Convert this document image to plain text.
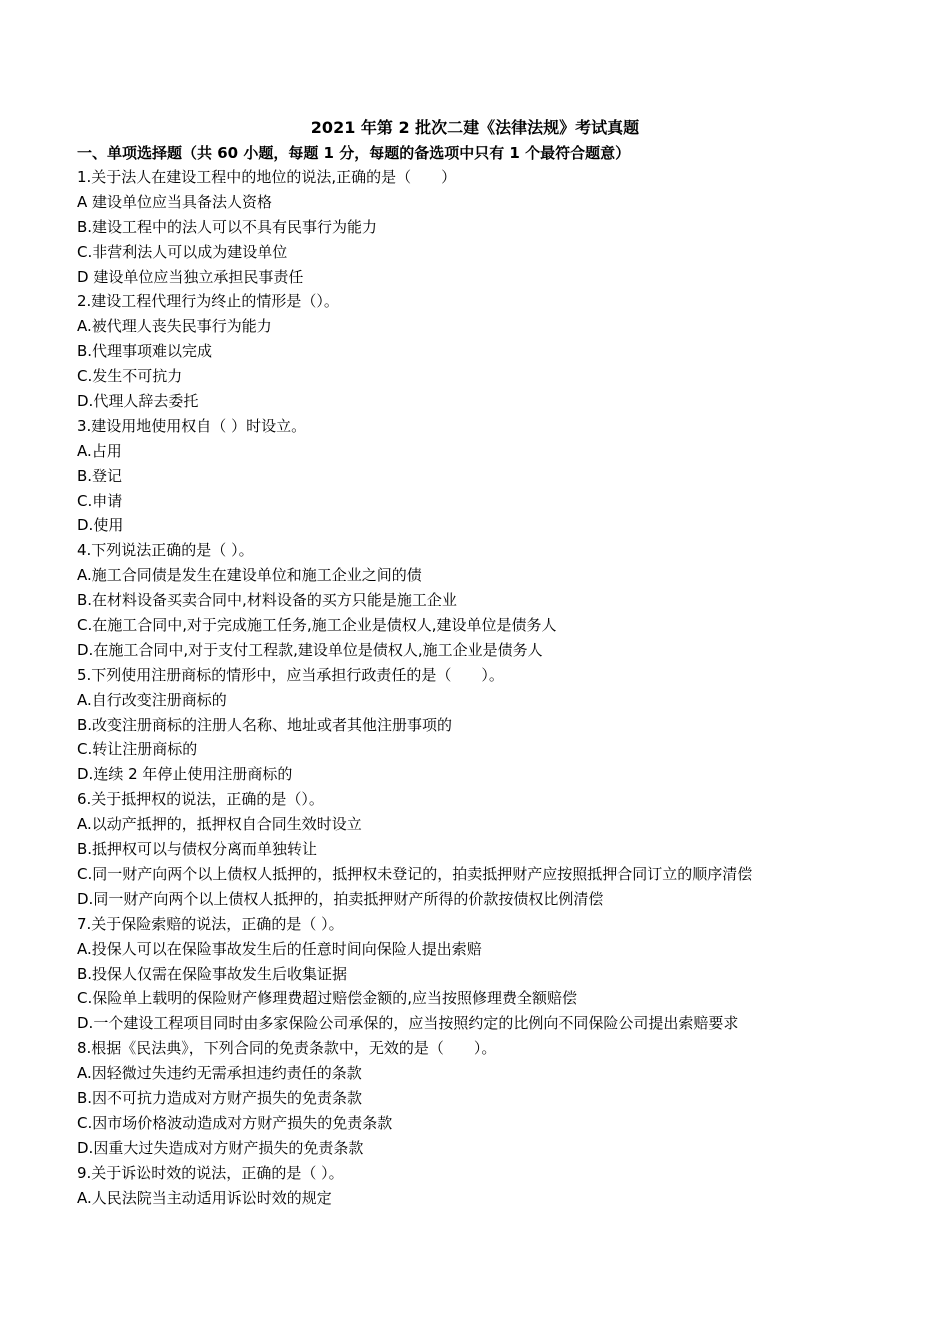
2021 年第 2 批次二建《法律法规》考试真题
一、单项选择题（共 60 小题，每题 1 分，每题的备选项中只有 1 个最符合题意）
1.关于法人在建设工程中的地位的说法,正确的是（　　）
A 建设单位应当具备法人资格
B.建设工程中的法人可以不具有民事行为能力
C.非营利法人可以成为建设单位
D 建设单位应当独立承担民事责任
2.建设工程代理行为终止的情形是（）。
A.被代理人丧失民事行为能力
B.代理事项难以完成
C.发生不可抗力
D.代理人辞去委托
3.建设用地使用权自（ ）时设立。
A.占用
B.登记
C.申请
D.使用
4.下列说法正确的是（ ）。
A.施工合同债是发生在建设单位和施工企业之间的债
B.在材料设备买卖合同中,材料设备的买方只能是施工企业
C.在施工合同中,对于完成施工任务,施工企业是债权人,建设单位是债务人
D.在施工合同中,对于支付工程款,建设单位是债权人,施工企业是债务人
5.下列使用注册商标的情形中，应当承担行政责任的是（　　）。
A.自行改变注册商标的
B.改变注册商标的注册人名称、地址或者其他注册事项的
C.转让注册商标的
D.连续 2 年停止使用注册商标的
6.关于抵押权的说法，正确的是（）。
A.以动产抵押的，抵押权自合同生效时设立
B.抵押权可以与债权分离而单独转让
C.同一财产向两个以上债权人抵押的，抵押权未登记的，拍卖抵押财产应按照抵押合同订立的顺序清偿
D.同一财产向两个以上债权人抵押的，拍卖抵押财产所得的价款按债权比例清偿
7.关于保险索赔的说法，正确的是（ ）。
A.投保人可以在保险事故发生后的任意时间向保险人提出索赔
B.投保人仅需在保险事故发生后收集证据
C.保险单上载明的保险财产修理费超过赔偿金额的,应当按照修理费全额赔偿
D.一个建设工程项目同时由多家保险公司承保的，应当按照约定的比例向不同保险公司提出索赔要求
8.根据《民法典》，下列合同的免责条款中，无效的是（　　）。
A.因轻微过失违约无需承担违约责任的条款
B.因不可抗力造成对方财产损失的免责条款
C.因市场价格波动造成对方财产损失的免责条款
D.因重大过失造成对方财产损失的免责条款
9.关于诉讼时效的说法，正确的是（ ）。
A.人民法院当主动适用诉讼时效的规定
